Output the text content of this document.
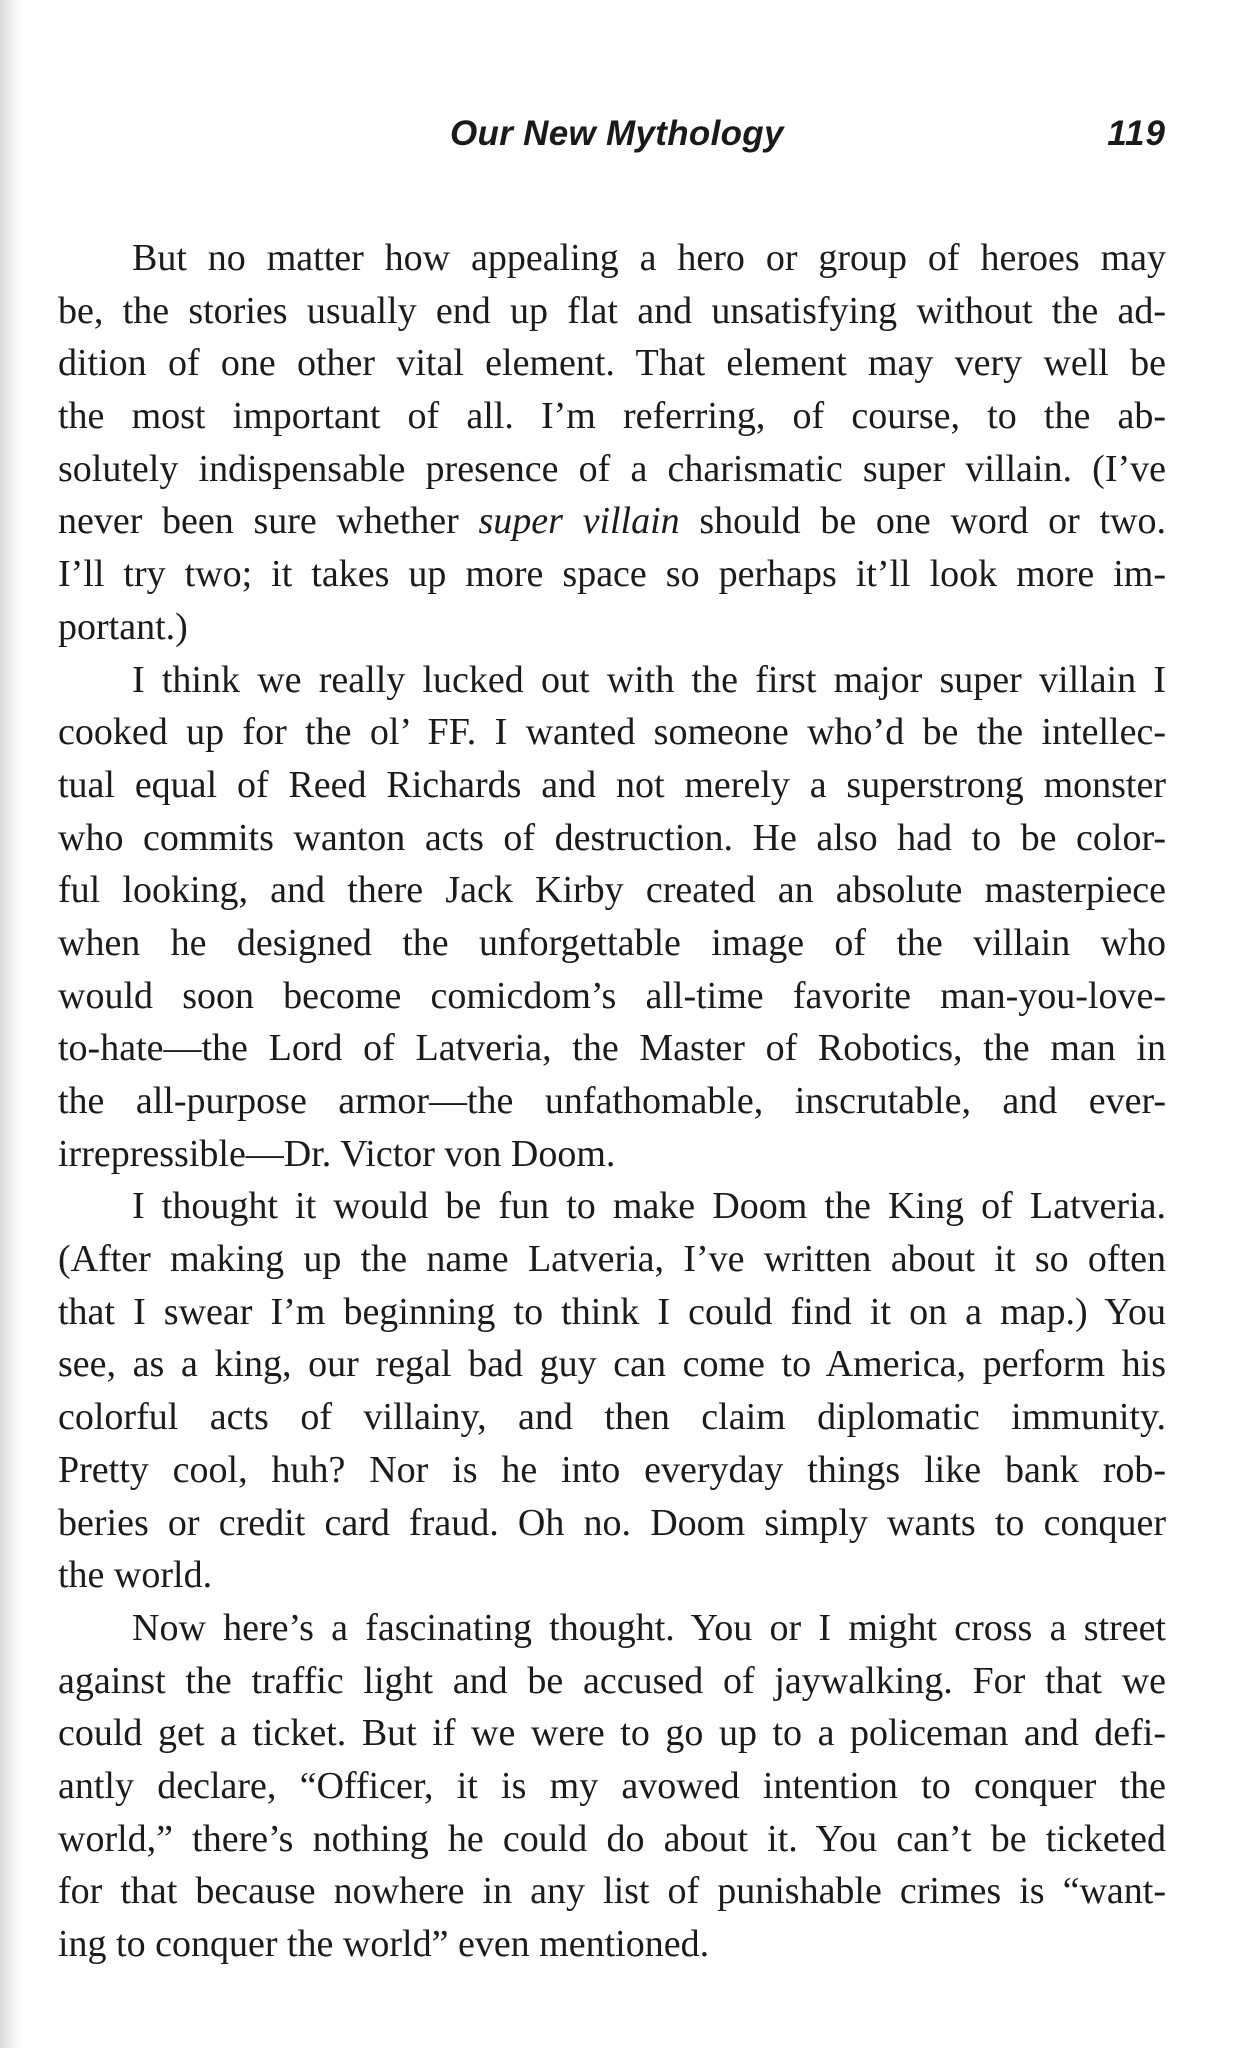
Our New Mythology	119
But no matter how appealing a hero or group of heroes may
be, the stories usually end up flat and unsatisfying without the ad-
dition of one other vital element. That element may very well be
the most important of all. I’m referring, of course, to the ab-
solutely indispensable presence of a charismatic super villain. (I’ve
never been sure whether super villain should be one word or two.
I’ll try two; it takes up more space so perhaps it’ll look more im-
portant.)
I think we really lucked out with the first major super villain I
cooked up for the ol’ FF. I wanted someone who’d be the intellec-
tual equal of Reed Richards and not merely a superstrong monster
who commits wanton acts of destruction. He also had to be color-
ful looking, and there Jack Kirby created an absolute masterpiece
when he designed the unforgettable image of the villain who
would soon become comicdom’s all-time favorite man-you-love-
to-hate—the Lord of Latveria, the Master of Robotics, the man in
the all-purpose armor—the unfathomable, inscrutable, and ever-
irrepressible—Dr. Victor von Doom.
I thought it would be fun to make Doom the King of Latveria.
(After making up the name Latveria, I’ve written about it so often
that I swear I’m beginning to think I could find it on a map.) You
see, as a king, our regal bad guy can come to America, perform his
colorful acts of villainy, and then claim diplomatic immunity.
Pretty cool, huh? Nor is he into everyday things like bank rob-
beries or credit card fraud. Oh no. Doom simply wants to conquer
the world.
Now here’s a fascinating thought. You or I might cross a street
against the traffic light and be accused of jaywalking. For that we
could get a ticket. But if we were to go up to a policeman and defi-
antly declare, “Officer, it is my avowed intention to conquer the
world,” there’s nothing he could do about it. You can’t be ticketed
for that because nowhere in any list of punishable crimes is “want-
ing to conquer the world” even mentioned.
